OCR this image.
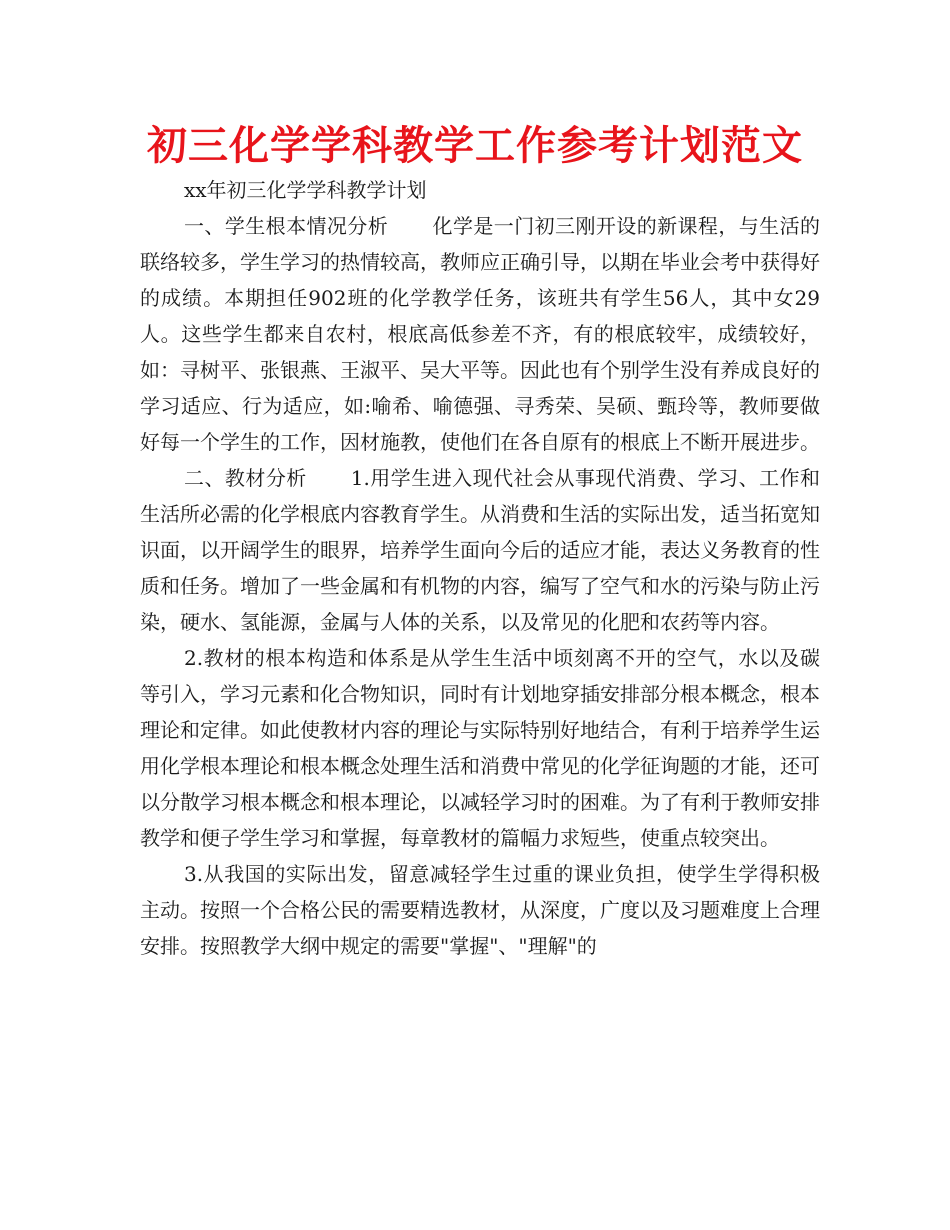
初三化学学科教学工作参考计划范文

xx年初三化学学科教学计划

一、学生根本情况分析 化学是一门初三刚开设的新课程，与生活的联络较多，学生学习的热情较高，教师应正确引导，以期在毕业会考中获得好的成绩。本期担任902班的化学教学任务，该班共有学生56人，其中女29人。这些学生都来自农村，根底高低参差不齐，有的根底较牢，成绩较好，如：寻树平、张银燕、王淑平、吴大平等。因此也有个别学生没有养成良好的学习适应、行为适应，如:喻希、喻德强、寻秀荣、吴硕、甄玲等，教师要做好每一个学生的工作，因材施教，使他们在各自原有的根底上不断开展进步。

二、教材分析 1.用学生进入现代社会从事现代消费、学习、工作和生活所必需的化学根底内容教育学生。从消费和生活的实际出发，适当拓宽知识面，以开阔学生的眼界，培养学生面向今后的适应才能，表达义务教育的性质和任务。增加了一些金属和有机物的内容，编写了空气和水的污染与防止污染，硬水、氢能源，金属与人体的关系，以及常见的化肥和农药等内容。

2.教材的根本构造和体系是从学生生活中顷刻离不开的空气，水以及碳等引入，学习元素和化合物知识，同时有计划地穿插安排部分根本概念，根本理论和定律。如此使教材内容的理论与实际特别好地结合，有利于培养学生运用化学根本理论和根本概念处理生活和消费中常见的化学征询题的才能，还可以分散学习根本概念和根本理论，以减轻学习时的困难。为了有利于教师安排教学和便子学生学习和掌握，每章教材的篇幅力求短些，使重点较突出。

3.从我国的实际出发，留意减轻学生过重的课业负担，使学生学得积极主动。按照一个合格公民的需要精选教材，从深度，广度以及习题难度上合理安排。按照教学大纲中规定的需要"掌握"、"理解"的
